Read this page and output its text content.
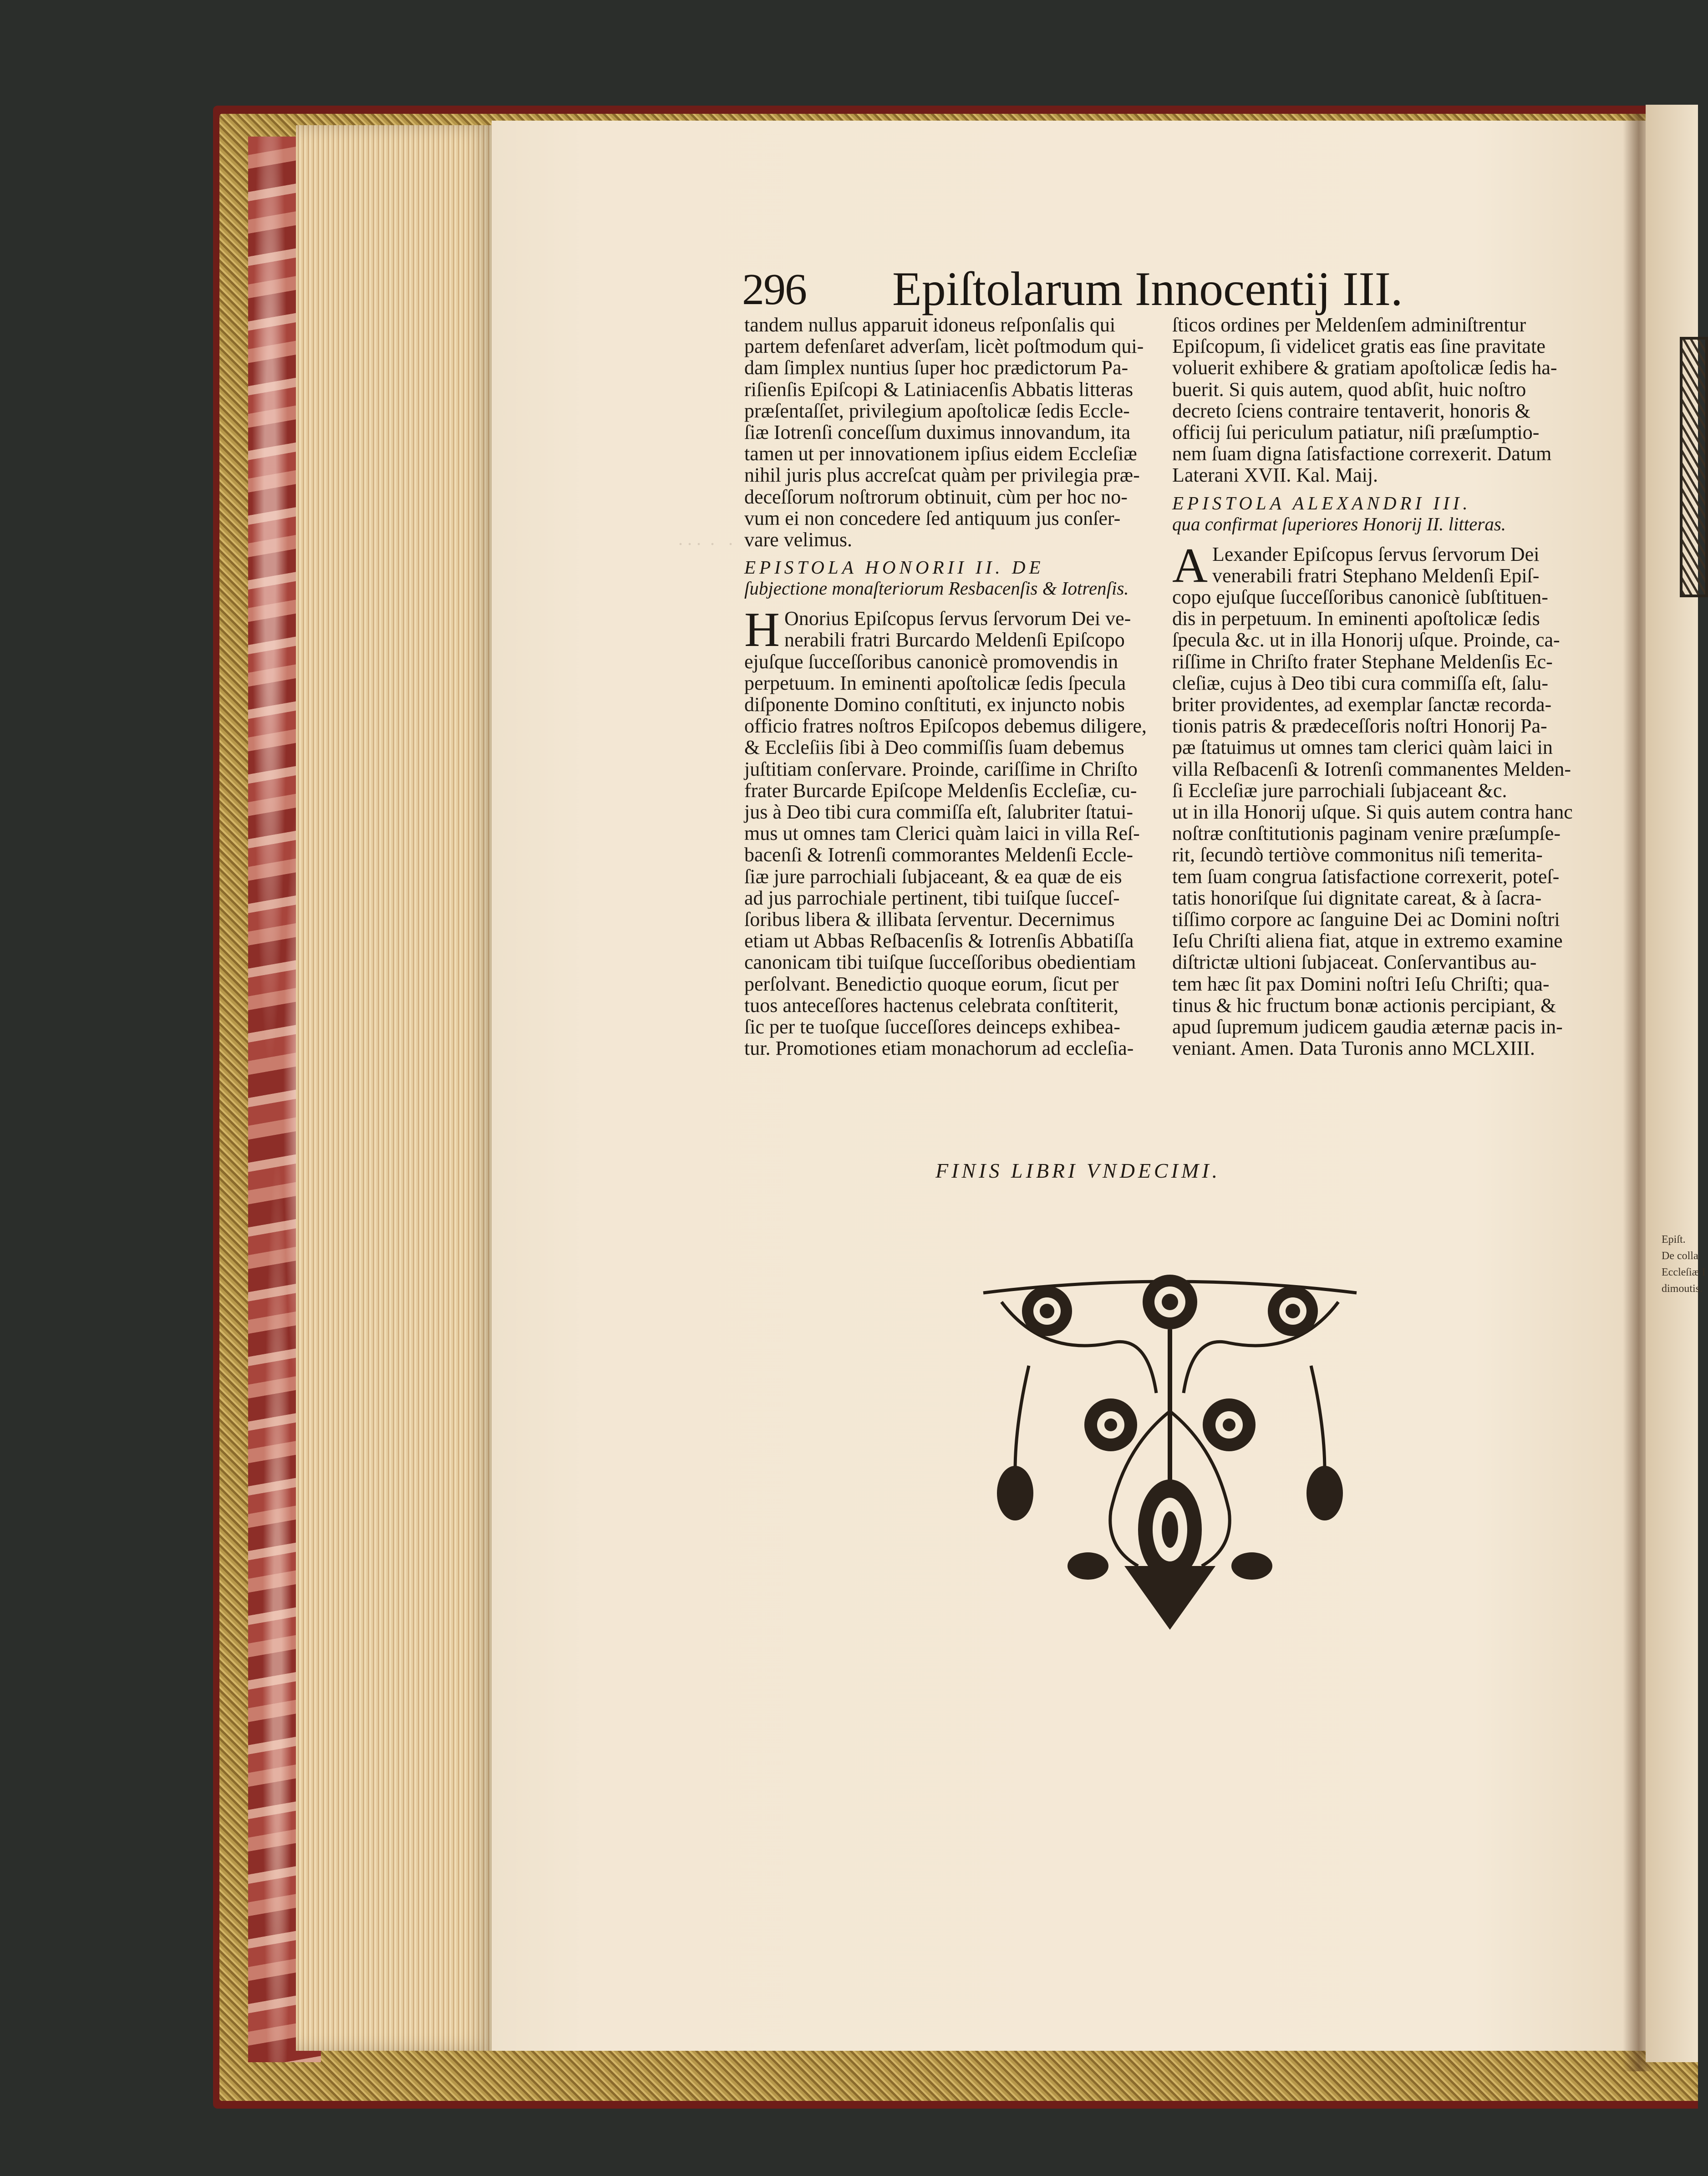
Epiſt.
De colla
Eccleſiæ I
dimoutis.
. . .  .   .
296 Epiſtolarum Innocentij III.

tandem nullus apparuit idoneus reſponſalis qui

partem defenſaret adverſam, licèt poſtmodum qui-

dam ſimplex nuntius ſuper hoc prædictorum Pa-

riſienſis Epiſcopi & Latiniacenſis Abbatis litteras

præſentaſſet, privilegium apoſtolicæ ſedis Eccle-

ſiæ Iotrenſi conceſſum duximus innovandum, ita

tamen ut per innovationem ipſius eidem Eccleſiæ

nihil juris plus accreſcat quàm per privilegia præ-

deceſſorum noſtrorum obtinuit, cùm per hoc no-

vum ei non concedere ſed antiquum jus conſer-

vare velimus.

EPISTOLA HONORII II. DE
ſubjectione monaſteriorum Resbacenſis & Iotrenſis.
H Onorius Epiſcopus ſervus ſervorum Dei ve-

nerabili fratri Burcardo Meldenſi Epiſcopo

ejuſque ſucceſſoribus canonicè promovendis in

perpetuum. In eminenti apoſtolicæ ſedis ſpecula

diſponente Domino conſtituti, ex injuncto nobis

officio fratres noſtros Epiſcopos debemus diligere,

& Eccleſiis ſibi à Deo commiſſis ſuam debemus

juſtitiam conſervare. Proinde, cariſſime in Chriſto

frater Burcarde Epiſcope Meldenſis Eccleſiæ, cu-

jus à Deo tibi cura commiſſa eſt, ſalubriter ſtatui-

mus ut omnes tam Clerici quàm laici in villa Reſ-

bacenſi & Iotrenſi commorantes Meldenſi Eccle-

ſiæ jure parrochiali ſubjaceant, & ea quæ de eis

ad jus parrochiale pertinent, tibi tuiſque ſucceſ-

ſoribus libera & illibata ſerventur. Decernimus

etiam ut Abbas Reſbacenſis & Iotrenſis Abbatiſſa

canonicam tibi tuiſque ſucceſſoribus obedientiam

perſolvant. Benedictio quoque eorum, ſicut per

tuos anteceſſores hactenus celebrata conſtiterit,

ſic per te tuoſque ſucceſſores deinceps exhibea-

tur. Promotiones etiam monachorum ad eccleſia-

ſticos ordines per Meldenſem adminiſtrentur

Epiſcopum, ſi videlicet gratis eas ſine pravitate

voluerit exhibere & gratiam apoſtolicæ ſedis ha-

buerit. Si quis autem, quod abſit, huic noſtro

decreto ſciens contraire tentaverit, honoris &

officij ſui periculum patiatur, niſi præſumptio-

nem ſuam digna ſatisfactione correxerit. Datum

Laterani XVII. Kal. Maij.

EPISTOLA ALEXANDRI III.
qua confirmat ſuperiores Honorij II. litteras.
A Lexander Epiſcopus ſervus ſervorum Dei

venerabili fratri Stephano Meldenſi Epiſ-

copo ejuſque ſucceſſoribus canonicè ſubſtituen-

dis in perpetuum. In eminenti apoſtolicæ ſedis

ſpecula &c. ut in illa Honorij uſque. Proinde, ca-

riſſime in Chriſto frater Stephane Meldenſis Ec-

cleſiæ, cujus à Deo tibi cura commiſſa eſt, ſalu-

briter providentes, ad exemplar ſanctæ recorda-

tionis patris & prædeceſſoris noſtri Honorij Pa-

pæ ſtatuimus ut omnes tam clerici quàm laici in

villa Reſbacenſi & Iotrenſi commanentes Melden-

ſi Eccleſiæ jure parrochiali ſubjaceant &c.

ut in illa Honorij uſque. Si quis autem contra hanc

noſtræ conſtitutionis paginam venire præſumpſe-

rit, ſecundò tertiòve commonitus niſi temerita-

tem ſuam congrua ſatisfactione correxerit, poteſ-

tatis honoriſque ſui dignitate careat, & à ſacra-

tiſſimo corpore ac ſanguine Dei ac Domini noſtri

Ieſu Chriſti aliena fiat, atque in extremo examine

diſtrictæ ultioni ſubjaceat. Conſervantibus au-

tem hæc ſit pax Domini noſtri Ieſu Chriſti; qua-

tinus & hic fructum bonæ actionis percipiant, &

apud ſupremum judicem gaudia æternæ pacis in-

veniant. Amen. Data Turonis anno MCLXIII.

FINIS LIBRI VNDECIMI.
